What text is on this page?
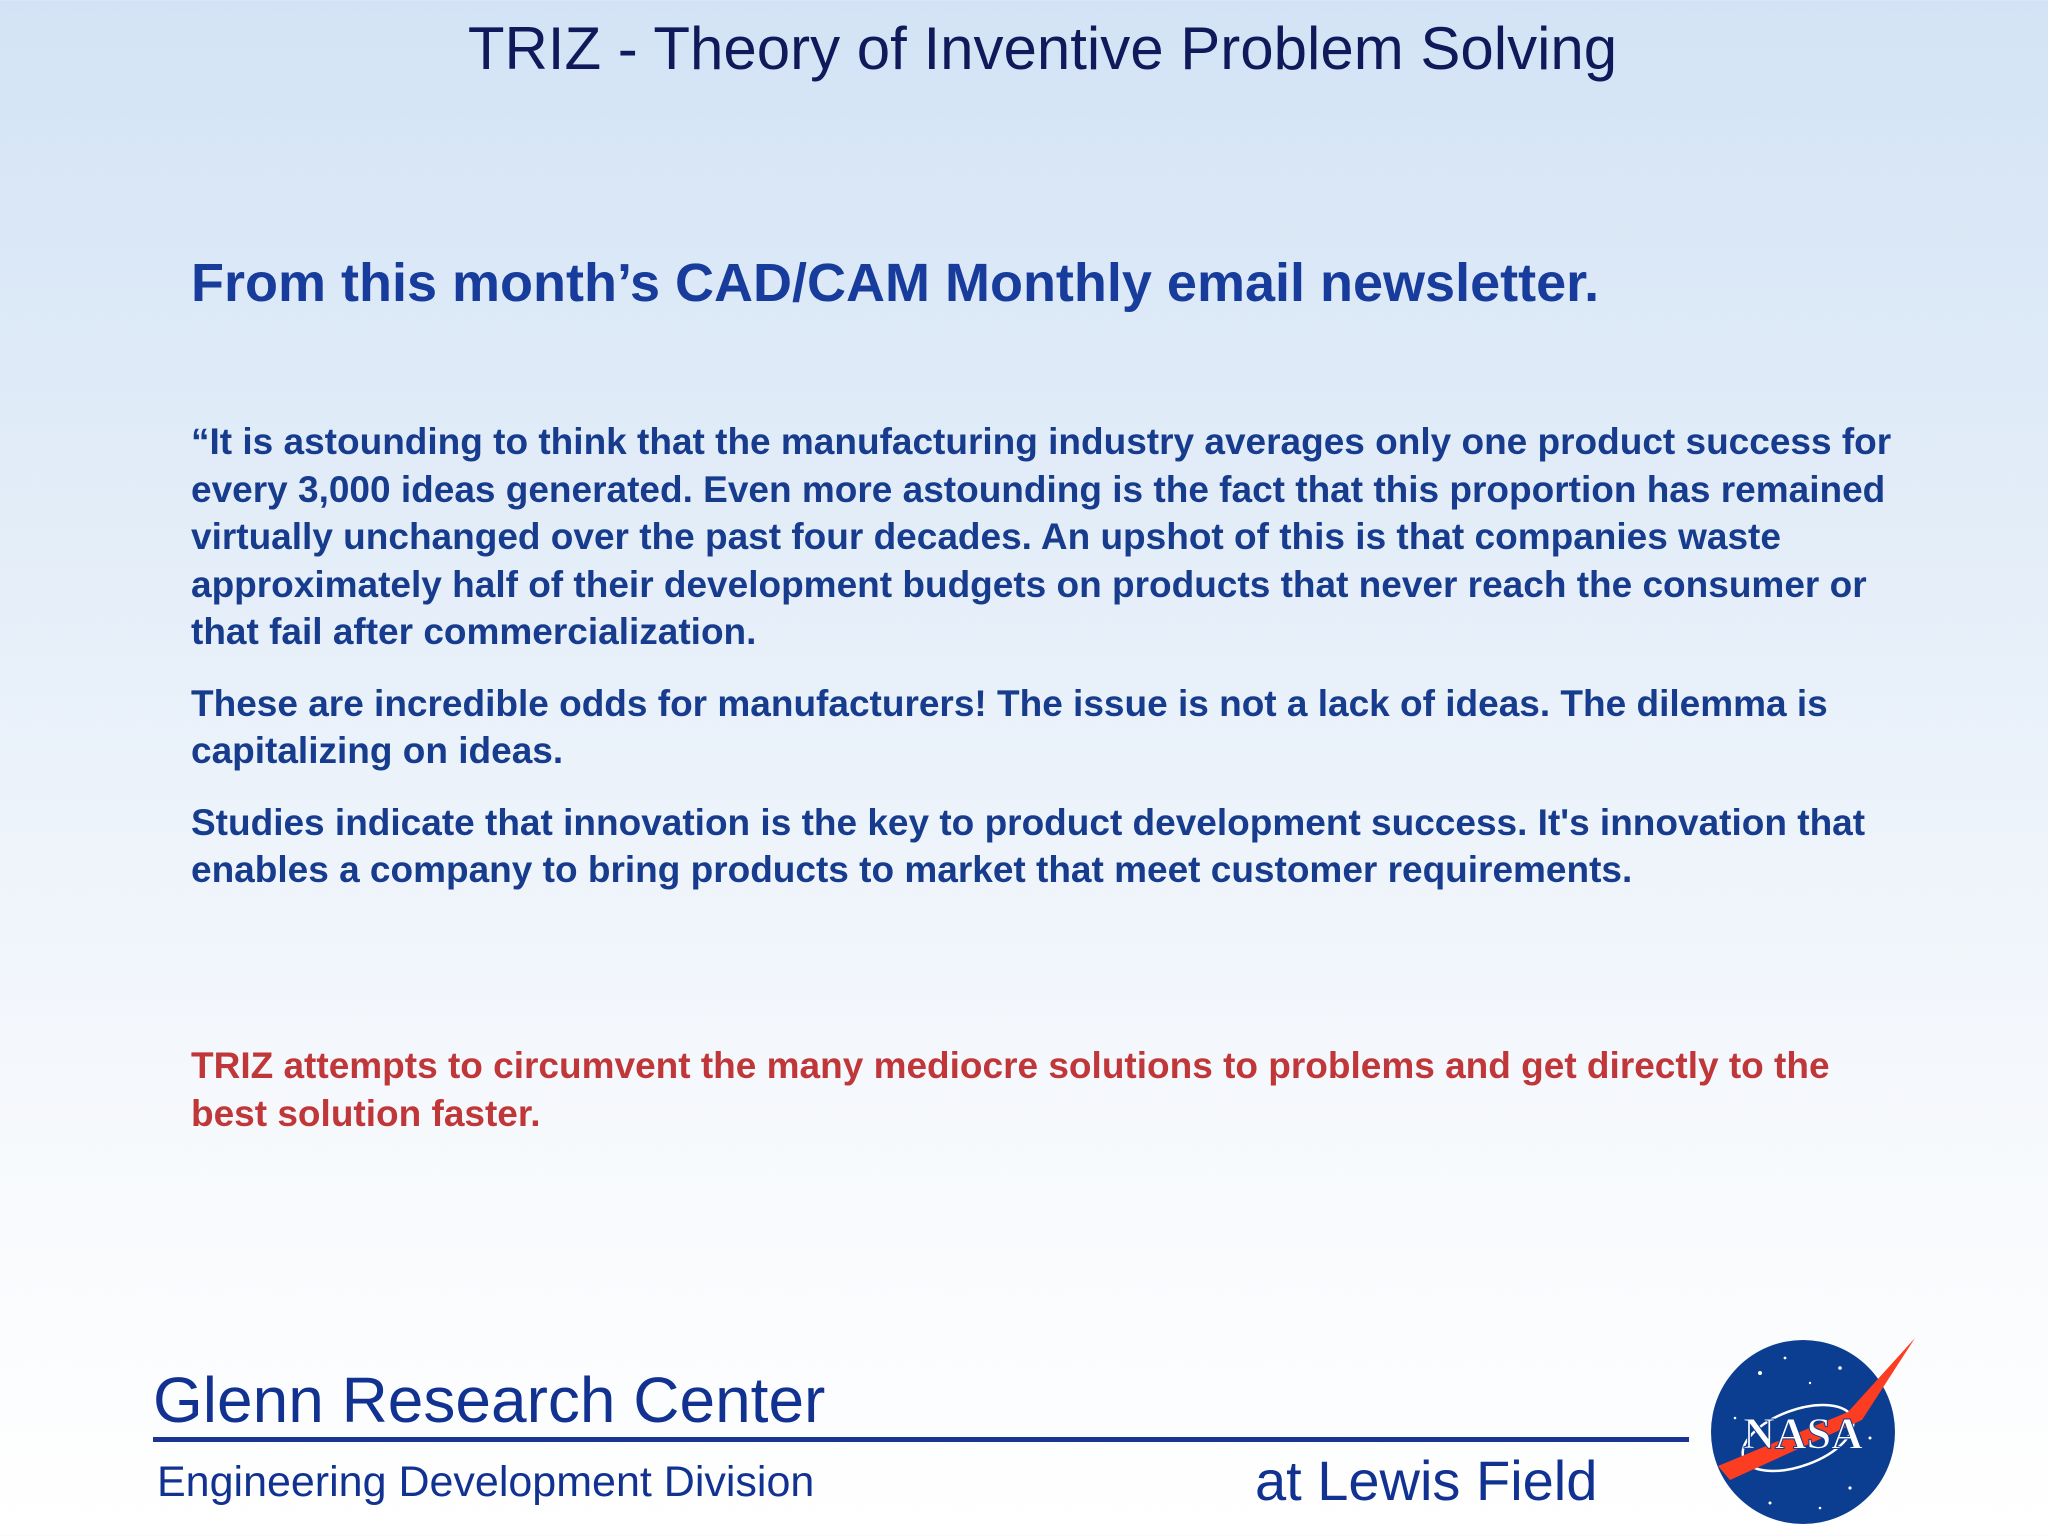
TRIZ - Theory of Inventive Problem Solving
From this month’s CAD/CAM Monthly email newsletter.

“It is astounding to think that the manufacturing industry averages only one product success for every 3,000 ideas generated. Even more astounding is the fact that this proportion has remained virtually unchanged over the past four decades. An upshot of this is that companies waste approximately half of their development budgets on products that never reach the consumer or that fail after commercialization.

These are incredible odds for manufacturers! The issue is not a lack of ideas. The dilemma is capitalizing on ideas.

Studies indicate that innovation is the key to product development success. It's innovation that enables a company to bring products to market that meet customer requirements.

TRIZ attempts to circumvent the many mediocre solutions to problems and get directly to the best solution faster.

Glenn Research Center
Engineering Development Division	at Lewis Field
NASA
